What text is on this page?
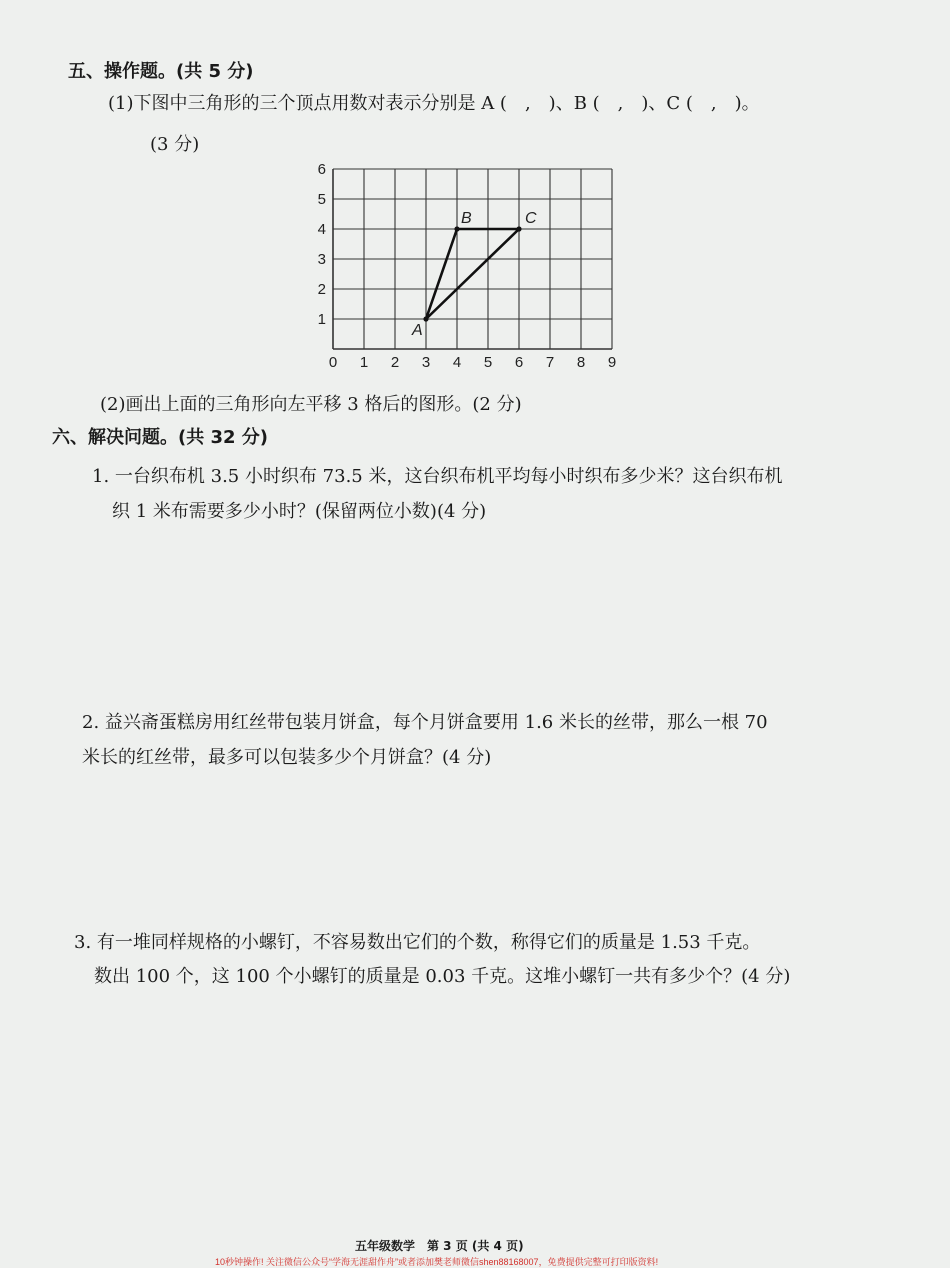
五、操作题。(共 5 分)
(1)下图中三角形的三个顶点用数对表示分别是 A (　,　)、B (　,　)、C (　,　)。
(3 分)
0 1 2 3 4 5 6 7 8 9
1
2
3
4
5
6
A
B	C
(2)画出上面的三角形向左平移 3 格后的图形。(2 分)
六、解决问题。(共 32 分)
1. 一台织布机 3.5 小时织布 73.5 米，这台织布机平均每小时织布多少米？这台织布机
织 1 米布需要多少小时？(保留两位小数)(4 分)
2. 益兴斋蛋糕房用红丝带包装月饼盒，每个月饼盒要用 1.6 米长的丝带，那么一根 70
米长的红丝带，最多可以包装多少个月饼盒？(4 分)
3. 有一堆同样规格的小螺钉，不容易数出它们的个数，称得它们的质量是 1.53 千克。
数出 100 个，这 100 个小螺钉的质量是 0.03 千克。这堆小螺钉一共有多少个？(4 分)
五年级数学　第 3 页 (共 4 页)
10秒钟操作! 关注微信公众号“学海无涯甜作舟”或者添加樊老师微信shen88168007，免费提供完整可打印版资料!
